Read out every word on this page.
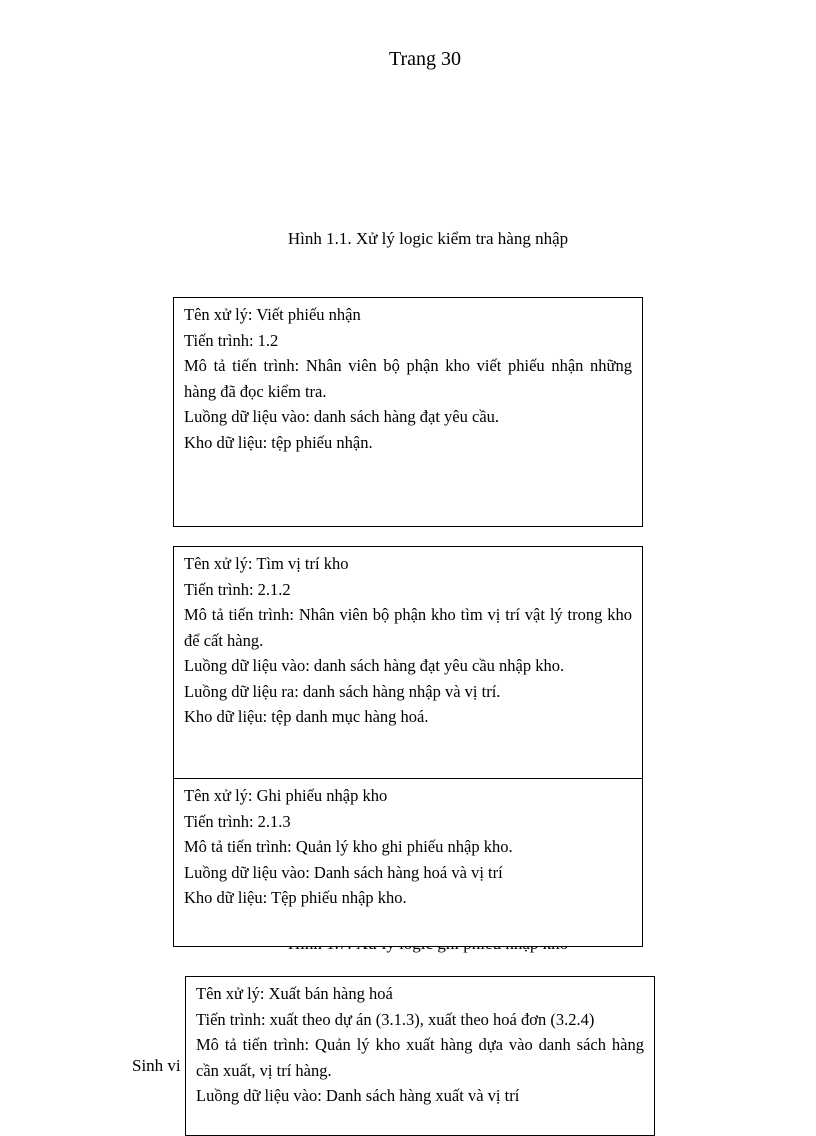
Trang 30
Hình 1.1. Xử lý logic kiểm tra hàng nhập
Sinh vi

Tên xử lý: Viết phiếu nhận

Tiến trình: 1.2

Mô tả tiến trình: Nhân viên bộ phận kho viết phiếu nhận những hàng đã đọc kiểm tra.

Luồng dữ liệu vào: danh sách hàng đạt yêu cầu.

Kho dữ liệu: tệp phiếu nhận.

Tên xử lý: Tìm vị trí kho

Tiến trình: 2.1.2

Mô tả tiến trình: Nhân viên bộ phận kho tìm vị trí vật lý trong kho để cất hàng.

Luồng dữ liệu vào: danh sách hàng đạt yêu cầu nhập kho.

Luồng dữ liệu ra: danh sách hàng nhập và vị trí.

Kho dữ liệu: tệp danh mục hàng hoá.

Tên xử lý: Ghi phiếu nhập kho

Tiến trình: 2.1.3

Mô tả tiến trình: Quản lý kho ghi phiếu nhập kho.

Luồng dữ liệu vào: Danh sách hàng hoá và vị trí

Kho dữ liệu: Tệp phiếu nhập kho.

Tên xử lý: Xuất bán hàng hoá

Tiến trình: xuất theo dự án (3.1.3), xuất theo hoá đơn (3.2.4)

Mô tả tiến trình: Quản lý kho xuất hàng dựa vào danh sách hàng cần xuất, vị trí hàng.

Luồng dữ liệu vào: Danh sách hàng xuất và vị trí
